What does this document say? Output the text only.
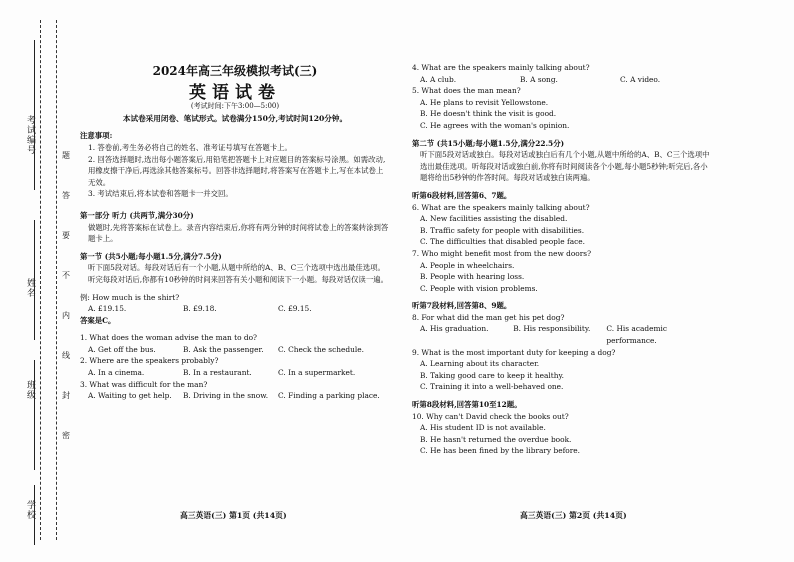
考试编号
姓名
班级
学校
题
答
要
不
内
线
封
密
2024年高三年级模拟考试(三)
英语试卷
(考试时间:下午3:00—5:00)
本试卷采用闭卷、笔试形式。试卷满分150分,考试时间120分钟。

注意事项:

1. 答卷前,考生务必将自己的姓名、准考证号填写在答题卡上。

2. 回答选择题时,选出每小题答案后,用铅笔把答题卡上对应题目的答案标号涂黑。如需改动,用橡皮擦干净后,再选涂其他答案标号。回答非选择题时,将答案写在答题卡上,写在本试卷上无效。

3. 考试结束后,将本试卷和答题卡一并交回。

第一部分 听力 (共两节,满分30分)

做题时,先将答案标在试卷上。录音内容结束后,你将有两分钟的时间将试卷上的答案转涂到答题卡上。

第一节 (共5小题;每小题1.5分,满分7.5分)

听下面5段对话。每段对话后有一个小题,从题中所给的A、B、C三个选项中选出最佳选项。听完每段对话后,你都有10秒钟的时间来回答有关小题和阅读下一小题。每段对话仅读一遍。

例: How much is the shirt?

A. £19.15.	B. £9.18.	C. £9.15.

答案是C。

1. What does the woman advise the man to do?

A. Get off the bus.	B. Ask the passenger.	C. Check the schedule.

2. Where are the speakers probably?

A. In a cinema.	B. In a restaurant.	C. In a supermarket.

3. What was difficult for the man?

A. Waiting to get help.	B. Driving in the snow.	C. Finding a parking place.

4. What are the speakers mainly talking about?

A. A club.	B. A song.	C. A video.

5. What does the man mean?

A. He plans to revisit Yellowstone.

B. He doesn't think the visit is good.

C. He agrees with the woman's opinion.

第二节 (共15小题;每小题1.5分,满分22.5分)

听下面5段对话或独白。每段对话或独白后有几个小题,从题中所给的A、B、C三个选项中选出最佳选项。听每段对话或独白前,你将有时间阅读各个小题,每小题5秒钟;听完后,各小题将给出5秒钟的作答时间。每段对话或独白读两遍。

听第6段材料,回答第6、7题。

6. What are the speakers mainly talking about?

A. New facilities assisting the disabled.

B. Traffic safety for people with disabilities.

C. The difficulties that disabled people face.

7. Who might benefit most from the new doors?

A. People in wheelchairs.

B. People with hearing loss.

C. People with vision problems.

听第7段材料,回答第8、9题。

8. For what did the man get his pet dog?

A. His graduation.	B. His responsibility.	C. His academic performance.

9. What is the most important duty for keeping a dog?

A. Learning about its character.

B. Taking good care to keep it healthy.

C. Training it into a well-behaved one.

听第8段材料,回答第10至12题。

10. Why can't David check the books out?

A. His student ID is not available.

B. He hasn't returned the overdue book.

C. He has been fined by the library before.

高三英语(三) 第1页 (共14页)	高三英语(三) 第2页 (共14页)
